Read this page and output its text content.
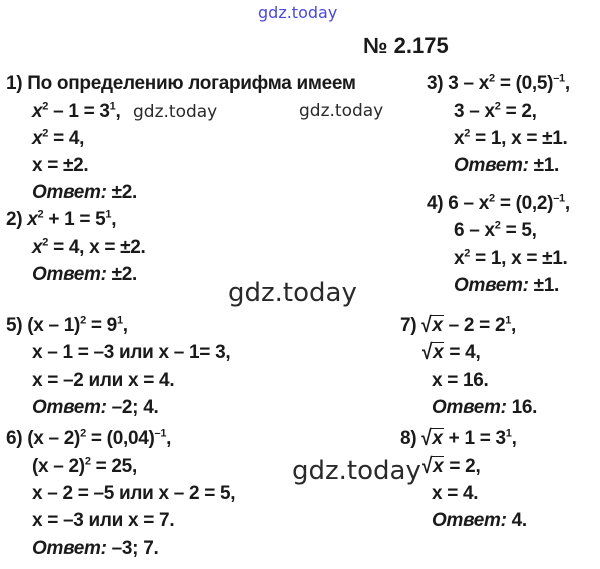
gdz.today
gdz.today	gdz.today
gdz.today
gdz.today
№ 2.175
1) По определению логарифма имеем
$x^2 - 1 = 3^1$,
$x^2 = 4$,
x = ±2.
Ответ: ±2.
2) $x^2 + 1 = 5^1$,
$x^2 = 4$, x = ±2.
Ответ: ±2.
3) $3 - x^2 = (0,5)^{-1}$,
$3 - x^2 = 2$,
$x^2 = 1$, x = ±1.
Ответ: ±1.
4) $6 - x^2 = (0,2)^{-1}$,
$6 - x^2 = 5$,
$x^2 = 1$, x = ±1.
Ответ: ±1.
5) $(x - 1)^2 = 9^1$,
x – 1 = –3 или x – 1= 3,
x = –2 или x = 4.
Ответ: –2; 4.
6) $(x - 2)^2 = (0,04)^{-1}$,
(x – 2)$^2$ = 25,
x – 2 = –5 или x – 2 = 5,
x = –3 или x = 7.
Ответ: –3; 7.
7) $√x - 2 = 2^1$,
√x = 4,
x = 16.
Ответ: 16.
8) $√x + 1 = 3^1$,
√x = 2,
x = 4.
Ответ: 4.
